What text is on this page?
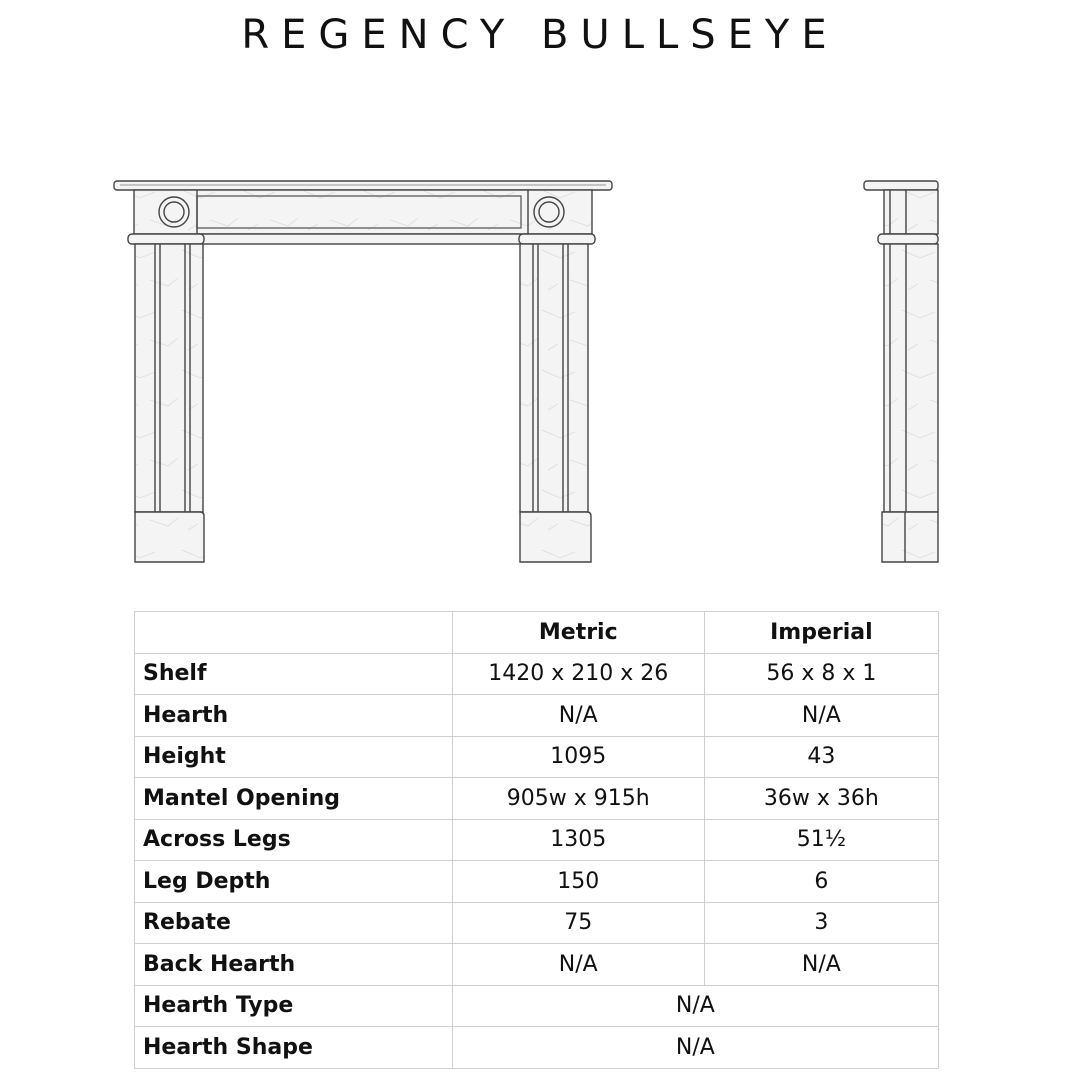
REGENCY BULLSEYE
	Metric	Imperial
Shelf	1420 x 210 x 26	56 x 8 x 1
Hearth	N/A	N/A
Height	1095	43
Mantel Opening	905w x 915h	36w x 36h
Across Legs	1305	51½
Leg Depth	150	6
Rebate	75	3
Back Hearth	N/A	N/A
Hearth Type	N/A	
Hearth Shape	N/A	
